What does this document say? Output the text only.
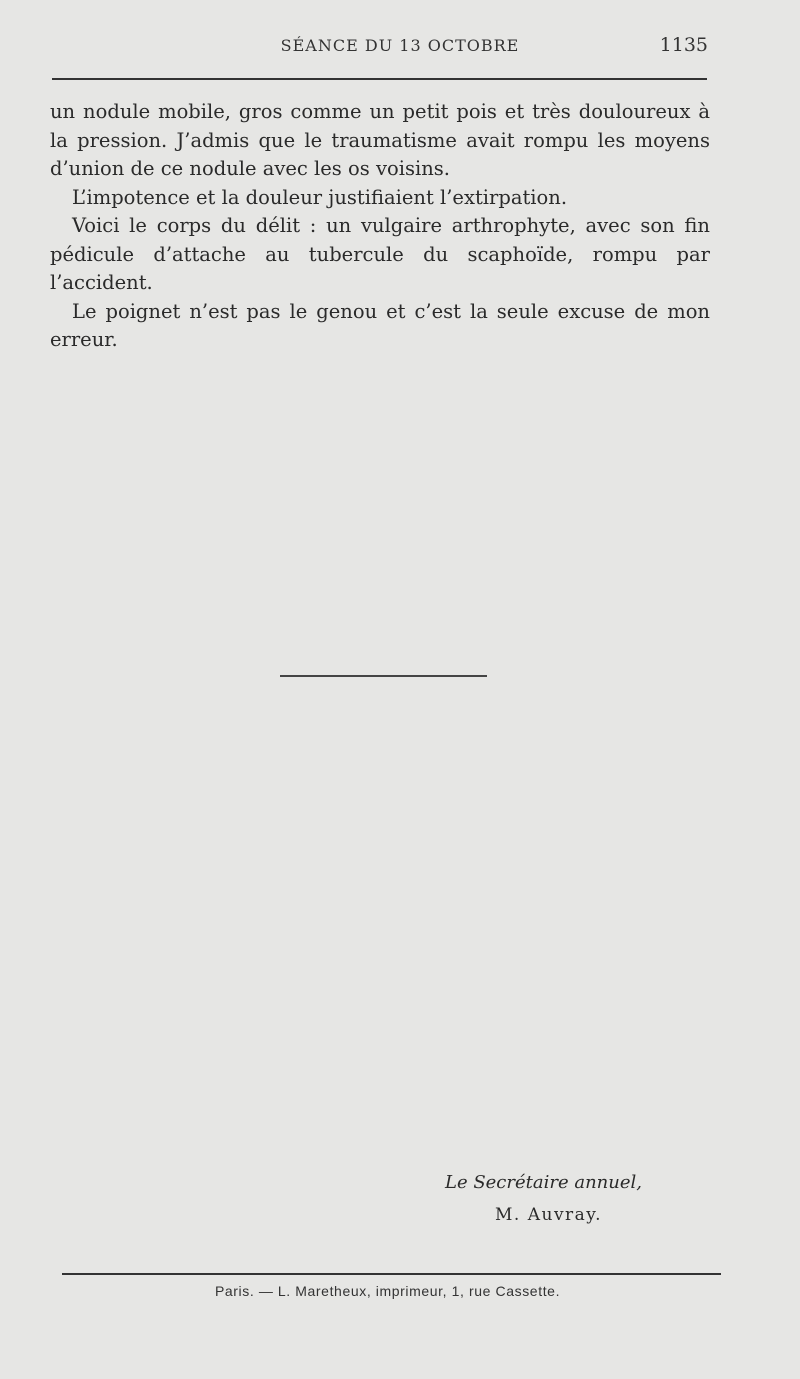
SÉANCE DU 13 OCTOBRE	1135

un nodule mobile, gros comme un petit pois et très douloureux à la pression. J’admis que le traumatisme avait rompu les moyens d’union de ce nodule avec les os voisins.

L’impotence et la douleur justifiaient l’extirpation.

Voici le corps du délit : un vulgaire arthrophyte, avec son fin pédicule d’attache au tubercule du scaphoïde, rompu par l’accident.

Le poignet n’est pas le genou et c’est la seule excuse de mon erreur.

Le Secrétaire annuel,
M. Auvray.
Paris. — L. Maretheux, imprimeur, 1, rue Cassette.
